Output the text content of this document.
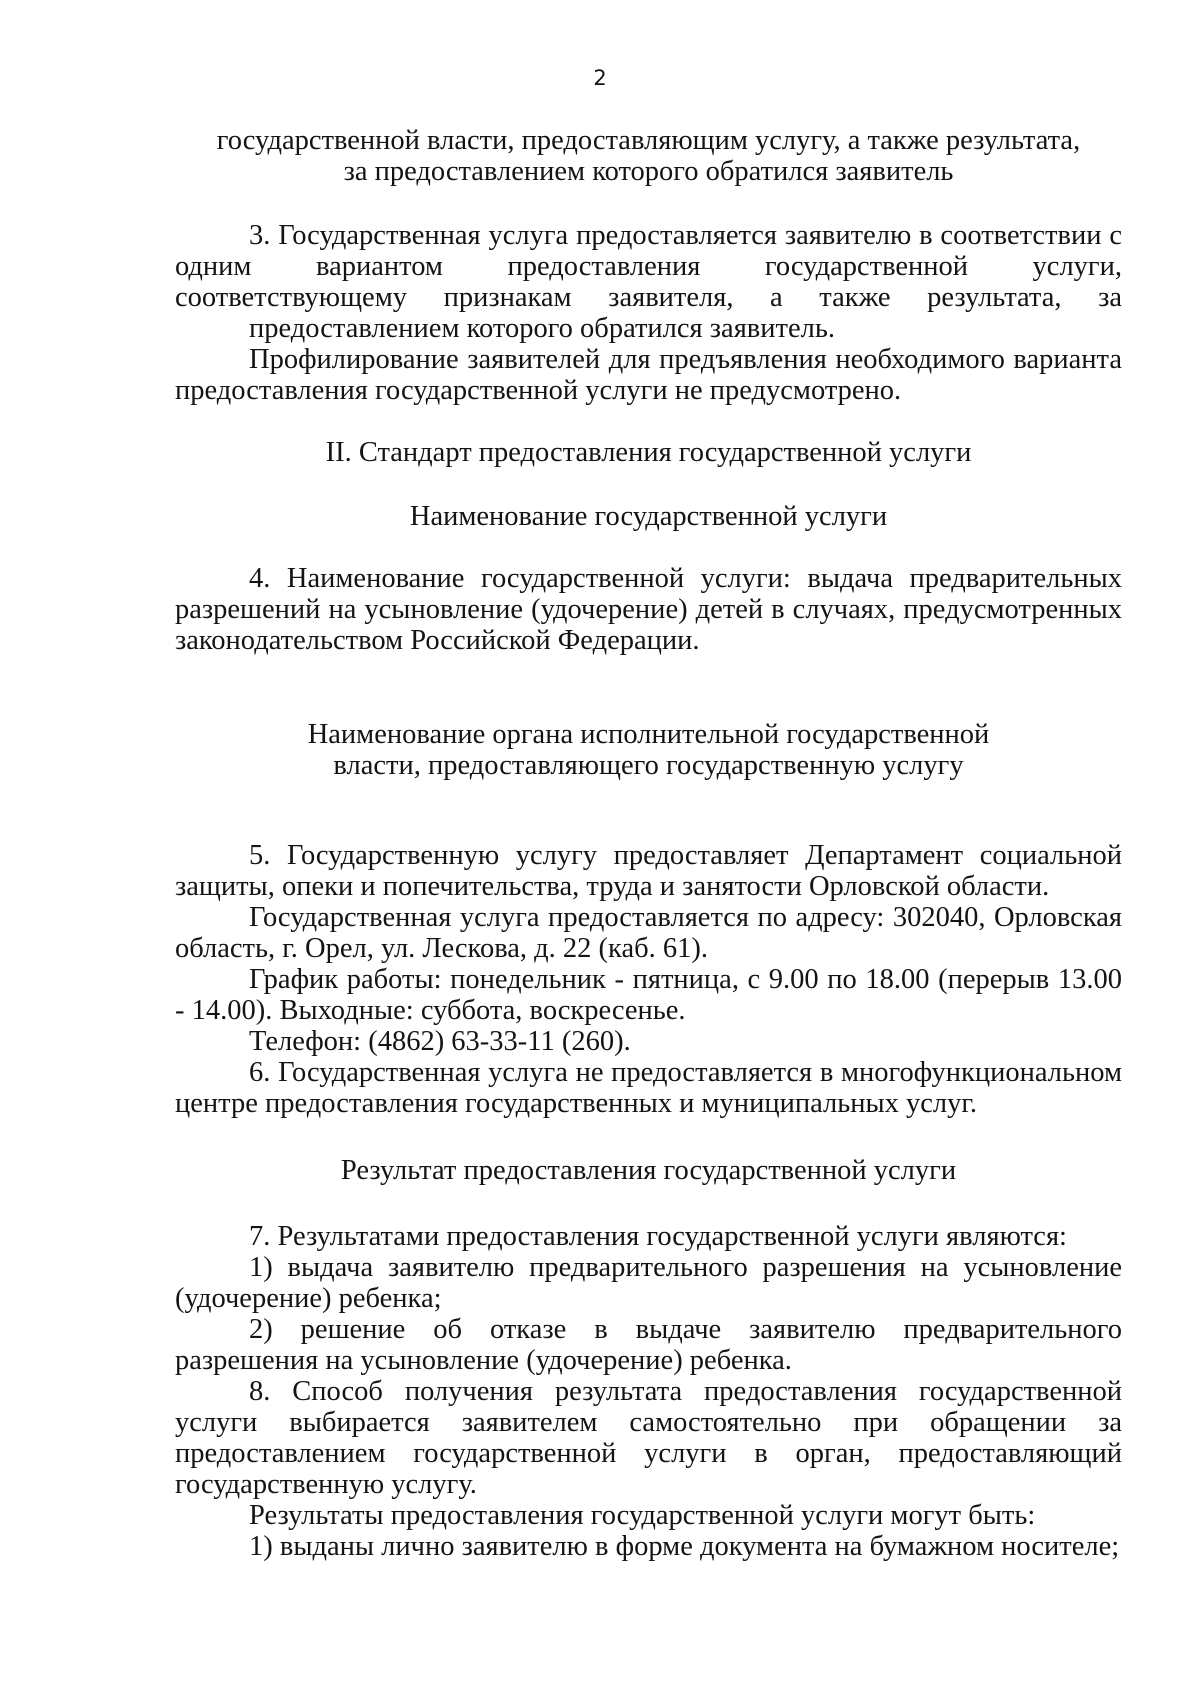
2
государственной власти, предоставляющим услугу, а также результата,
за предоставлением которого обратился заявитель
3. Государственная услуга предоставляется заявителю в соответствии с
одним вариантом предоставления государственной услуги,
соответствующему признакам заявителя, а также результата, за
предоставлением которого обратился заявитель.

Профилирование заявителей для предъявления необходимого варианта предоставления государственной услуги не предусмотрено.

II. Стандарт предоставления государственной услуги

Наименование государственной услуги

4. Наименование государственной услуги: выдача предварительных разрешений на усыновление (удочерение) детей в случаях, предусмотренных законодательством Российской Федерации.

Наименование органа исполнительной государственной
власти, предоставляющего государственную услугу

5. Государственную услугу предоставляет Департамент социальной защиты, опеки и попечительства, труда и занятости Орловской области.

Государственная услуга предоставляется по адресу: 302040, Орловская область, г. Орел, ул. Лескова, д. 22 (каб. 61).

График работы: понедельник - пятница, с 9.00 по 18.00 (перерыв 13.00 - 14.00). Выходные: суббота, воскресенье.

Телефон: (4862) 63-33-11 (260).

6. Государственная услуга не предоставляется в многофункциональном центре предоставления государственных и муниципальных услуг.

Результат предоставления государственной услуги

7. Результатами предоставления государственной услуги являются:

1) выдача заявителю предварительного разрешения на усыновление (удочерение) ребенка;

2) решение об отказе в выдаче заявителю предварительного разрешения на усыновление (удочерение) ребенка.

8. Способ получения результата предоставления государственной услуги выбирается заявителем самостоятельно при обращении за предоставлением государственной услуги в орган, предоставляющий государственную услугу.

Результаты предоставления государственной услуги могут быть:

1) выданы лично заявителю в форме документа на бумажном носителе;
